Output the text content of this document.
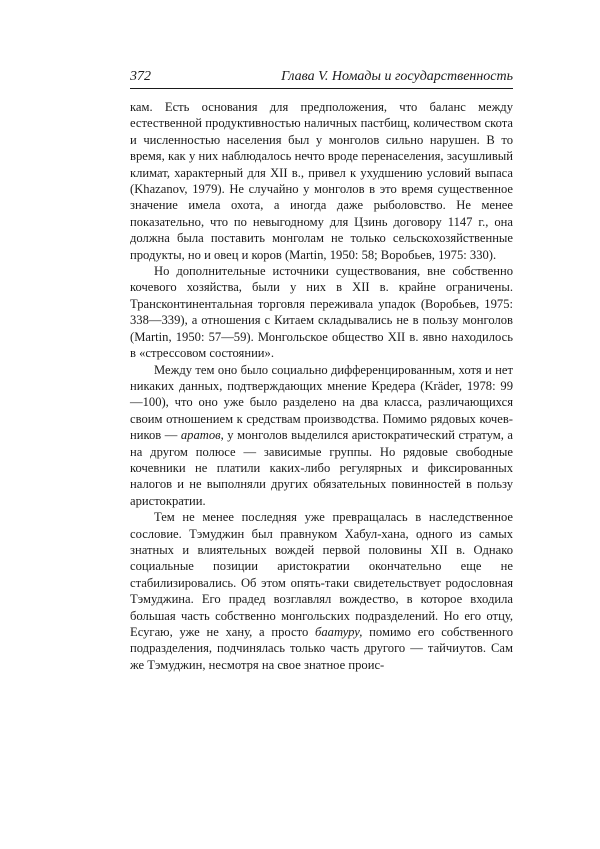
372	Глава V. Номады и государственность

кам. Есть основания для предположения, что баланс между естественной продуктивностью наличных пастбищ, количеством скота и численностью населения был у монголов сильно нарушен. В то время, как у них наблюдалось нечто вроде перенаселения, засушливый климат, характерный для XII в., привел к ухудшению условий выпаса (Khazanov, 1979). Не случайно у монголов в это время существенное значение имела охота, а иногда даже рыболовство. Не менее показательно, что по невыгодному для Цзинь договору 1147 г., она должна была поставить монголам не только сельскохозяйственные продукты, но и овец и коров (Martin, 1950: 58; Воробьев, 1975: 330).

Но дополнительные источники существования, вне собственно кочевого хозяйства, были у них в XII в. крайне ограничены. Трансконтинентальная торговля переживала упадок (Воробьев, 1975: 338—339), а отношения с Китаем складывались не в пользу монголов (Martin, 1950: 57—59). Монгольское общество XII в. явно находилось в «стрессовом состоянии».

Между тем оно было социально дифференцированным, хотя и нет никаких данных, подтверждающих мнение Кредера (Kräder, 1978: 99—100), что оно уже было разделено на два класса, различающихся своим отношением к средствам производства. Помимо рядовых кочевников — аратов, у монголов выделился аристократический стратум, а на другом полюсе — зависимые группы. Но рядовые свободные кочевники не платили каких-либо регулярных и фиксированных налогов и не выполняли других обязательных повинностей в пользу аристократии.

Тем не менее последняя уже превращалась в наследственное сословие. Тэмуджин был правнуком Хабул-хана, одного из самых знатных и влиятельных вождей первой половины XII в. Однако социальные позиции аристократии окончательно еще не стабилизировались. Об этом опять-таки свидетельствует родословная Тэмуджина. Его прадед возглавлял вождество, в которое входила большая часть собственно монгольских подразделений. Но его отцу, Есугаю, уже не хану, а просто баатуру, помимо его собственного подразделения, подчинялась только часть другого — тайчиутов. Сам же Тэмуджин, несмотря на свое знатное проис-
